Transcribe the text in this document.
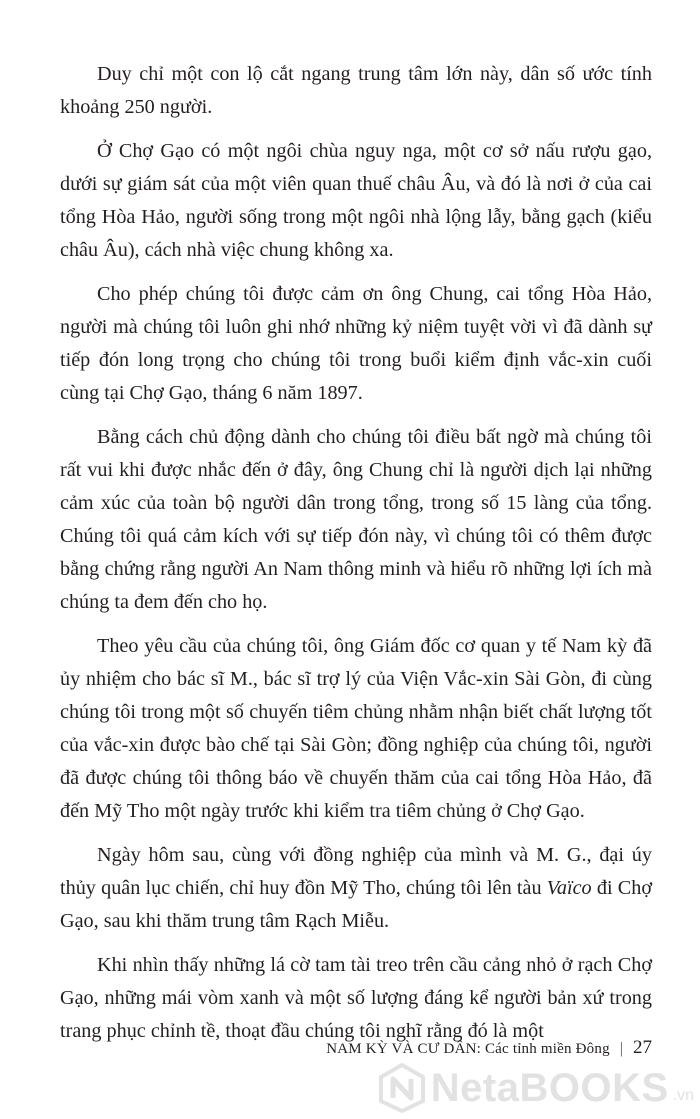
Duy chỉ một con lộ cắt ngang trung tâm lớn này, dân số ước tính khoảng 250 người.

Ở Chợ Gạo có một ngôi chùa nguy nga, một cơ sở nấu rượu gạo, dưới sự giám sát của một viên quan thuế châu Âu, và đó là nơi ở của cai tổng Hòa Hảo, người sống trong một ngôi nhà lộng lẫy, bằng gạch (kiểu châu Âu), cách nhà việc chung không xa.

Cho phép chúng tôi được cảm ơn ông Chung, cai tổng Hòa Hảo, người mà chúng tôi luôn ghi nhớ những kỷ niệm tuyệt vời vì đã dành sự tiếp đón long trọng cho chúng tôi trong buổi kiểm định vắc-xin cuối cùng tại Chợ Gạo, tháng 6 năm 1897.

Bằng cách chủ động dành cho chúng tôi điều bất ngờ mà chúng tôi rất vui khi được nhắc đến ở đây, ông Chung chỉ là người dịch lại những cảm xúc của toàn bộ người dân trong tổng, trong số 15 làng của tổng. Chúng tôi quá cảm kích với sự tiếp đón này, vì chúng tôi có thêm được bằng chứng rằng người An Nam thông minh và hiểu rõ những lợi ích mà chúng ta đem đến cho họ.

Theo yêu cầu của chúng tôi, ông Giám đốc cơ quan y tế Nam kỳ đã ủy nhiệm cho bác sĩ M., bác sĩ trợ lý của Viện Vắc-xin Sài Gòn, đi cùng chúng tôi trong một số chuyến tiêm chủng nhằm nhận biết chất lượng tốt của vắc-xin được bào chế tại Sài Gòn; đồng nghiệp của chúng tôi, người đã được chúng tôi thông báo về chuyến thăm của cai tổng Hòa Hảo, đã đến Mỹ Tho một ngày trước khi kiểm tra tiêm chủng ở Chợ Gạo.

Ngày hôm sau, cùng với đồng nghiệp của mình và M. G., đại úy thủy quân lục chiến, chỉ huy đồn Mỹ Tho, chúng tôi lên tàu Vaïco đi Chợ Gạo, sau khi thăm trung tâm Rạch Miễu.

Khi nhìn thấy những lá cờ tam tài treo trên cầu cảng nhỏ ở rạch Chợ Gạo, những mái vòm xanh và một số lượng đáng kể người bản xứ trong trang phục chỉnh tề, thoạt đầu chúng tôi nghĩ rằng đó là một

NAM KỲ VÀ CƯ DÂN: Các tỉnh miền Đông | 27
NetaBOOKS .vn
